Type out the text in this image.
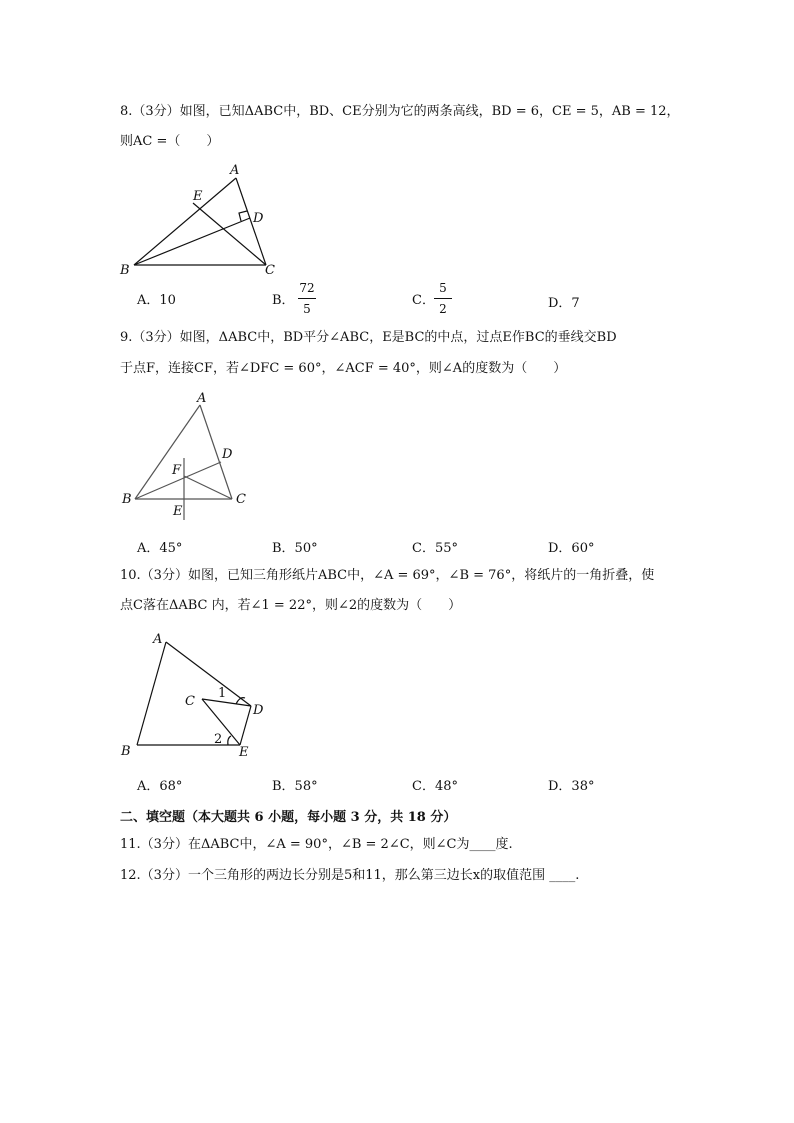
8.（3分）如图，已知ΔABC中，BD、CE分别为它的两条高线，BD = 6，CE = 5，AB = 12，
则AC =（　　）
A
B	C
D
E
A．10	B．
72
5
C．
5
2	D．7
9.（3分）如图，ΔABC中，BD平分∠ABC，E是BC的中点，过点E作BC的垂线交BD
于点F，连接CF，若∠DFC = 60°，∠ACF = 40°，则∠A的度数为（　　）
A
B	C
D
E
F
A．45°	B．50°	C．55°	D．60°
10.（3分）如图，已知三角形纸片ABC中，∠A = 69°，∠B = 76°，将纸片的一角折叠，使
点C落在ΔABC 内，若∠1 = 22°，则∠2的度数为（　　）
A
B
C
D
E
1
2
A．68°	B．58°	C．48°	D．38°
二、填空题（本大题共 6 小题，每小题 3 分，共 18 分）
11.（3分）在ΔABC中，∠A = 90°，∠B = 2∠C，则∠C为____度.
12.（3分）一个三角形的两边长分别是5和11，那么第三边长x的取值范围 ____.
